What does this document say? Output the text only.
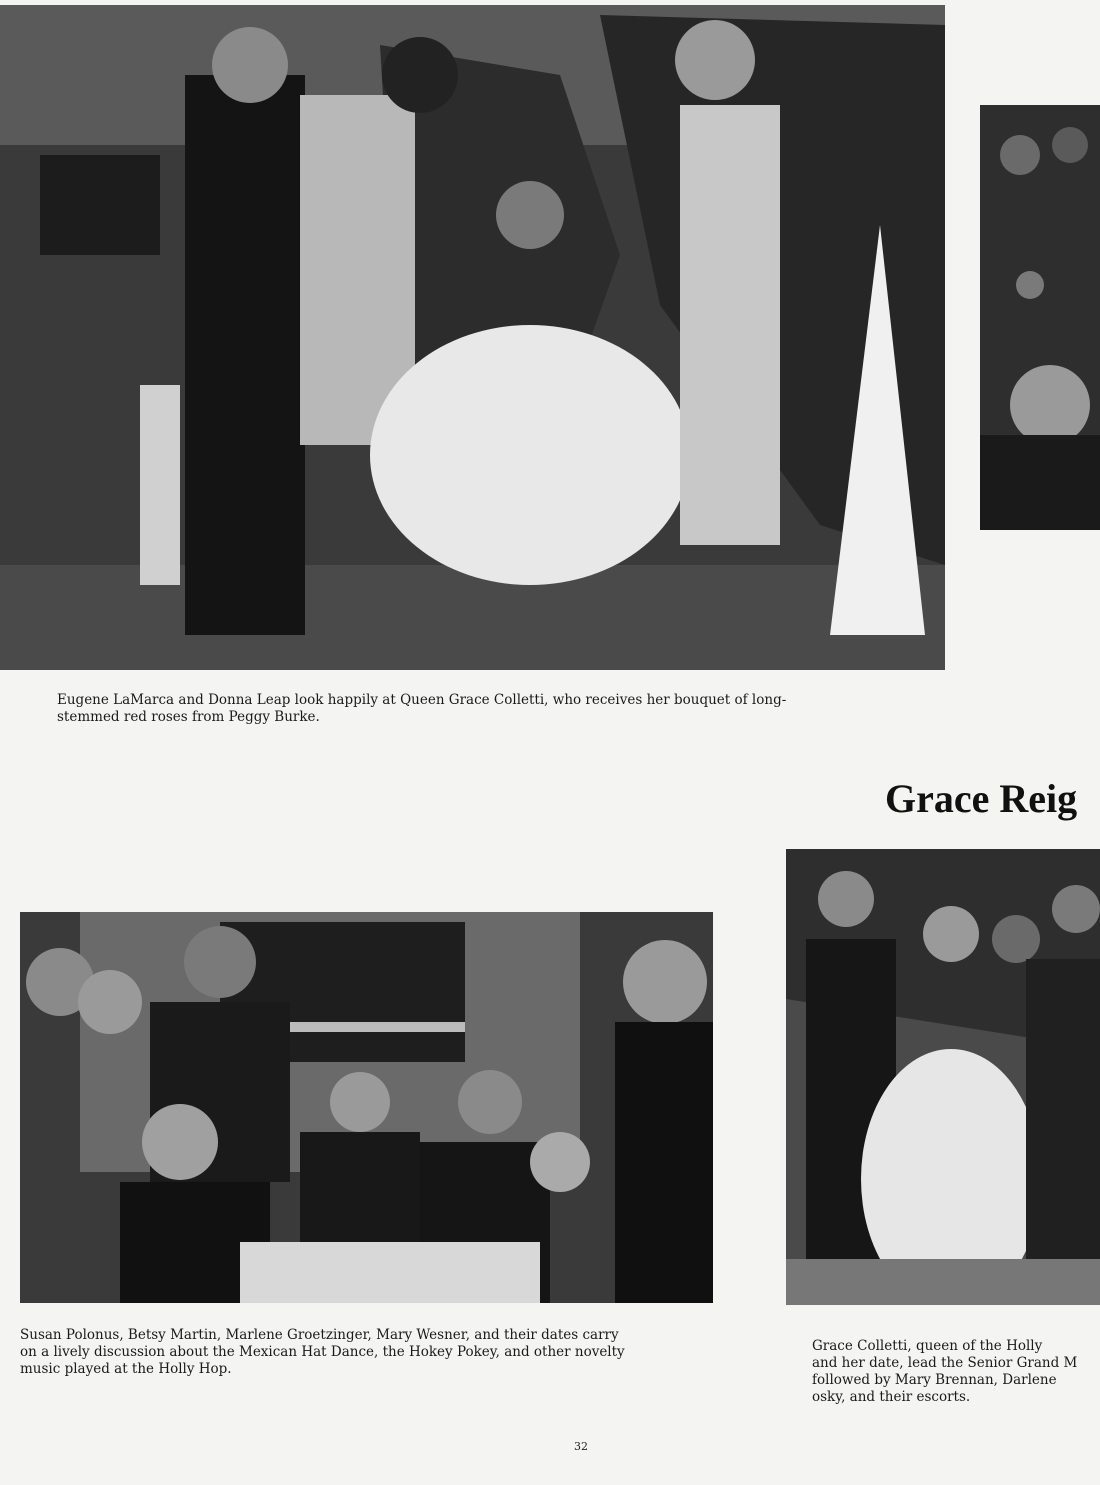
Eugene LaMarca and Donna Leap look happily at Queen Grace Colletti, who receives her bouquet of long-
stemmed red roses from Peggy Burke.

Grace Reig

Susan Polonus, Betsy Martin, Marlene Groetzinger, Mary Wesner, and their dates carry
on a lively discussion about the Mexican Hat Dance, the Hokey Pokey, and other novelty
music played at the Holly Hop.

Grace Colletti, queen of the Holly
and her date, lead the Senior Grand M
followed by Mary Brennan, Darlene
osky, and their escorts.

32
